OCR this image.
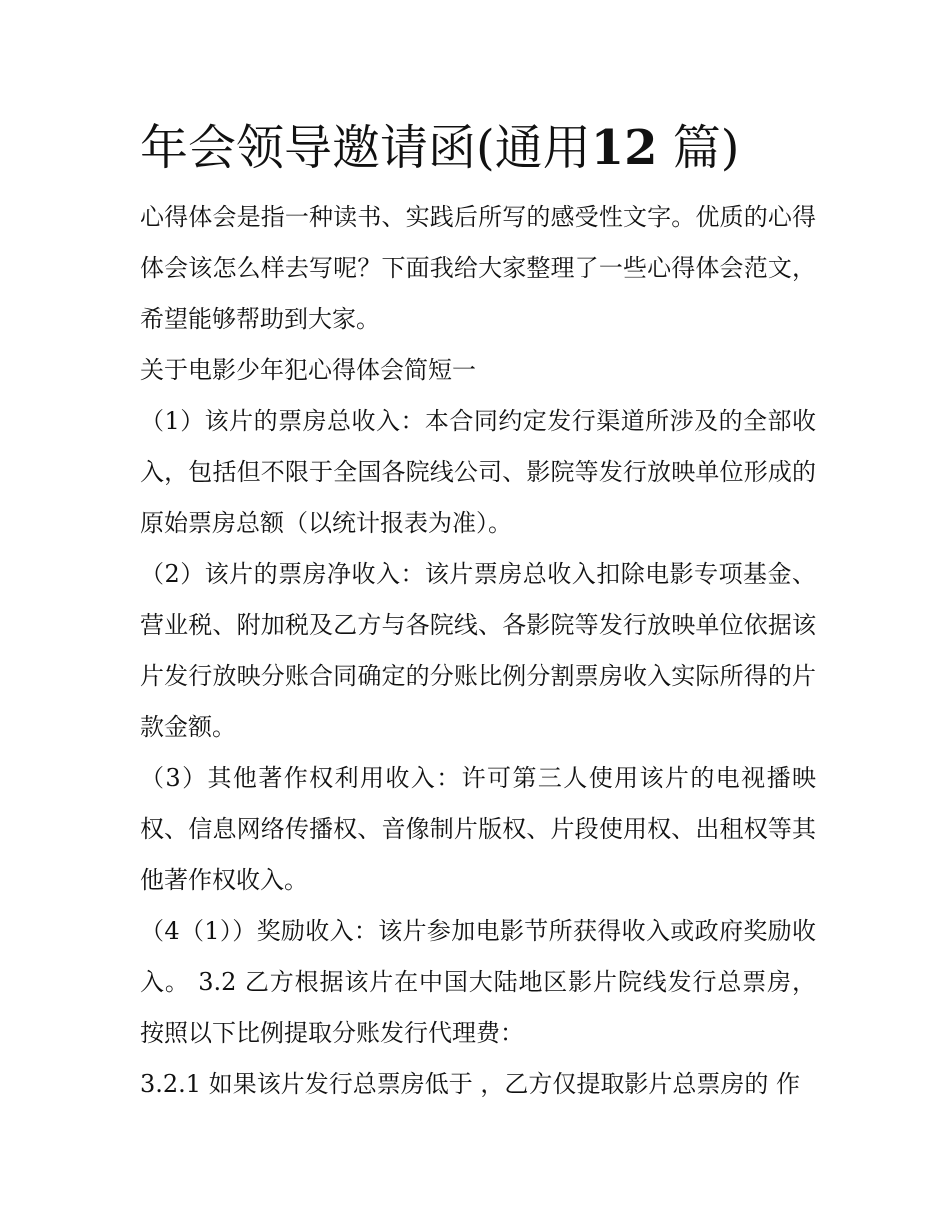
年会领导邀请函(通用12 篇)

心得体会是指一种读书、实践后所写的感受性文字。优质的心得体会该怎么样去写呢？下面我给大家整理了一些心得体会范文，希望能够帮助到大家。

关于电影少年犯心得体会简短一

（1）该片的票房总收入：本合同约定发行渠道所涉及的全部收入，包括但不限于全国各院线公司、影院等发行放映单位形成的原始票房总额（以统计报表为准）。

（2）该片的票房净收入：该片票房总收入扣除电影专项基金、营业税、附加税及乙方与各院线、各影院等发行放映单位依据该片发行放映分账合同确定的分账比例分割票房收入实际所得的片款金额。

（3）其他著作权利用收入：许可第三人使用该片的电视播映权、信息网络传播权、音像制片版权、片段使用权、出租权等其他著作权收入。

（4（1））奖励收入：该片参加电影节所获得收入或政府奖励收入。 3.2 乙方根据该片在中国大陆地区影片院线发行总票房，按照以下比例提取分账发行代理费：

3.2.1 如果该片发行总票房低于 ，乙方仅提取影片总票房的 作
